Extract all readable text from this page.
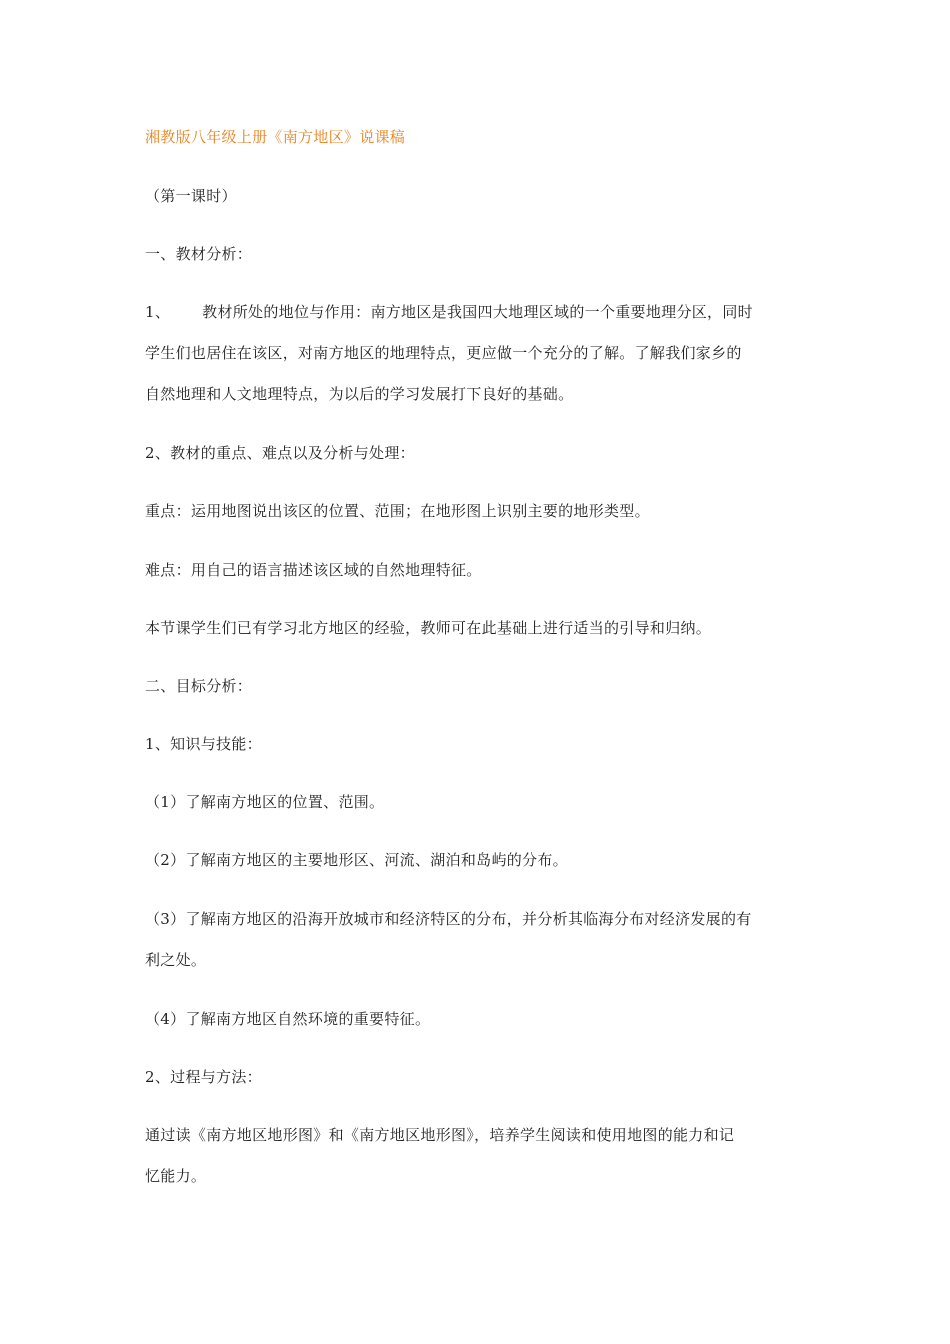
湘教版八年级上册《南方地区》说课稿
（第一课时）
一、教材分析：
1、 教材所处的地位与作用：南方地区是我国四大地理区域的一个重要地理分区，同时
学生们也居住在该区，对南方地区的地理特点，更应做一个充分的了解。了解我们家乡的
自然地理和人文地理特点，为以后的学习发展打下良好的基础。
2、教材的重点、难点以及分析与处理：
重点：运用地图说出该区的位置、范围；在地形图上识别主要的地形类型。
难点：用自己的语言描述该区域的自然地理特征。
本节课学生们已有学习北方地区的经验，教师可在此基础上进行适当的引导和归纳。
二、目标分析：
1、知识与技能：
（1）了解南方地区的位置、范围。
（2）了解南方地区的主要地形区、河流、湖泊和岛屿的分布。
（3）了解南方地区的沿海开放城市和经济特区的分布，并分析其临海分布对经济发展的有
利之处。
（4）了解南方地区自然环境的重要特征。
2、过程与方法：
通过读《南方地区地形图》和《南方地区地形图》，培养学生阅读和使用地图的能力和记
忆能力。
